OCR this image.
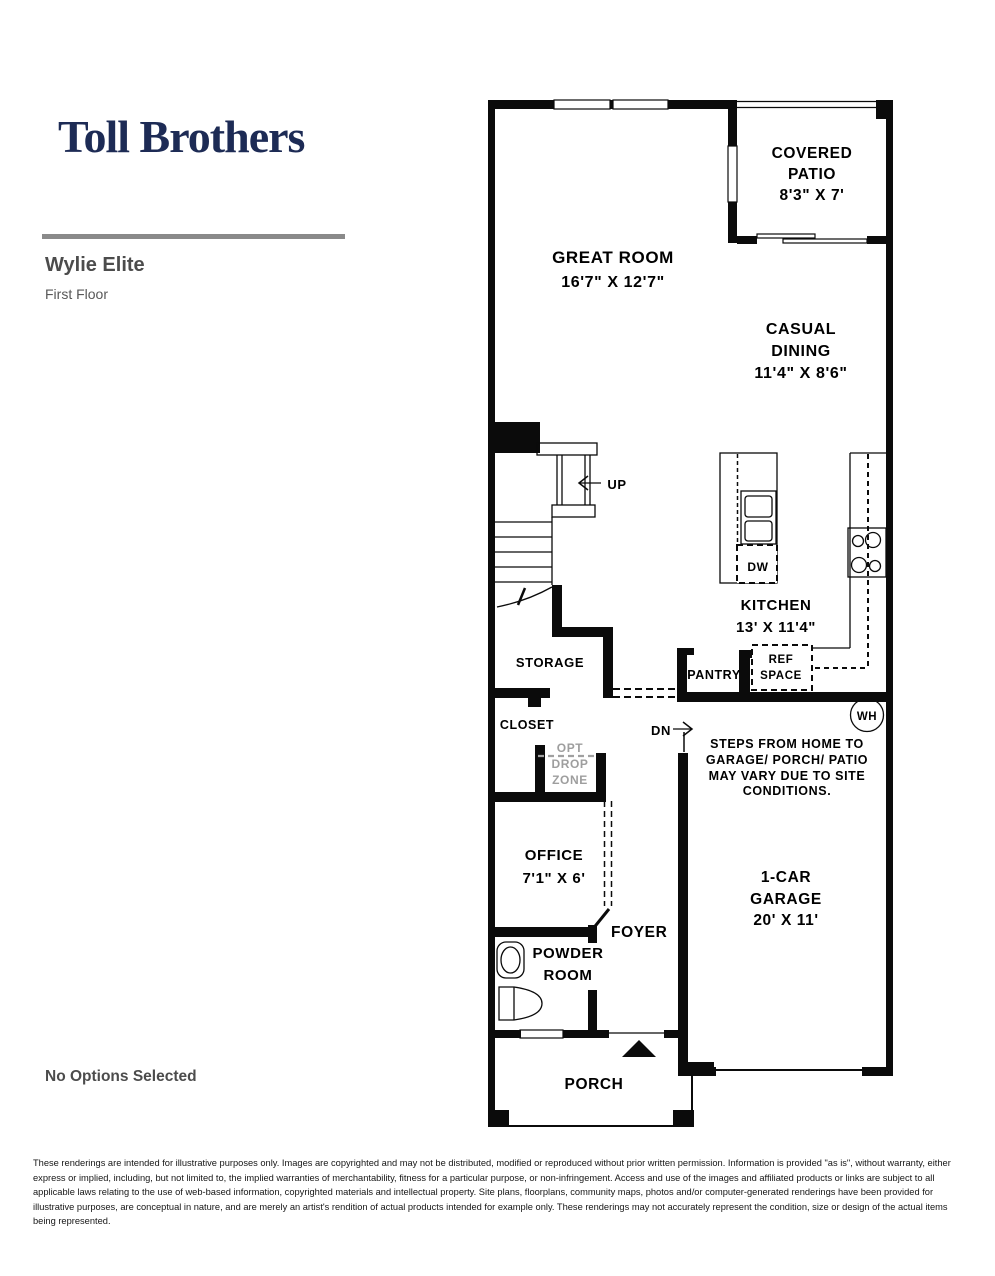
Toll Brothers
Wylie Elite
First Floor
COVERED
PATIO
8'3" X 7'
GREAT ROOM
16'7" X 12'7"
CASUAL
DINING
11'4" X 8'6"
KITCHEN
13' X 11'4"
DW
STORAGE
PANTRY
REF
SPACE
CLOSET
OPT
DROP
ZONE
UP
DN
WH
STEPS FROM HOME TO
GARAGE/ PORCH/ PATIO
MAY VARY DUE TO SITE
CONDITIONS.
1-CAR
GARAGE
20' X 11'
OFFICE
7'1" X 6'
FOYER
POWDER
ROOM
PORCH
No Options Selected
These renderings are intended for illustrative purposes only. Images are copyrighted and may not be distributed, modified or reproduced without prior written permission. Information is provided "as is", without warranty, either express or implied, including, but not limited to, the implied warranties of merchantability, fitness for a particular purpose, or non-infringement. Access and use of the images and affiliated products or links are subject to all applicable laws relating to the use of web-based information, copyrighted materials and intellectual property. Site plans, floorplans, community maps, photos and/or computer-generated renderings have been provided for illustrative purposes, are conceptual in nature, and are merely an artist's rendition of actual products intended for example only. These renderings may not accurately represent the condition, size or design of the actual items being represented.
